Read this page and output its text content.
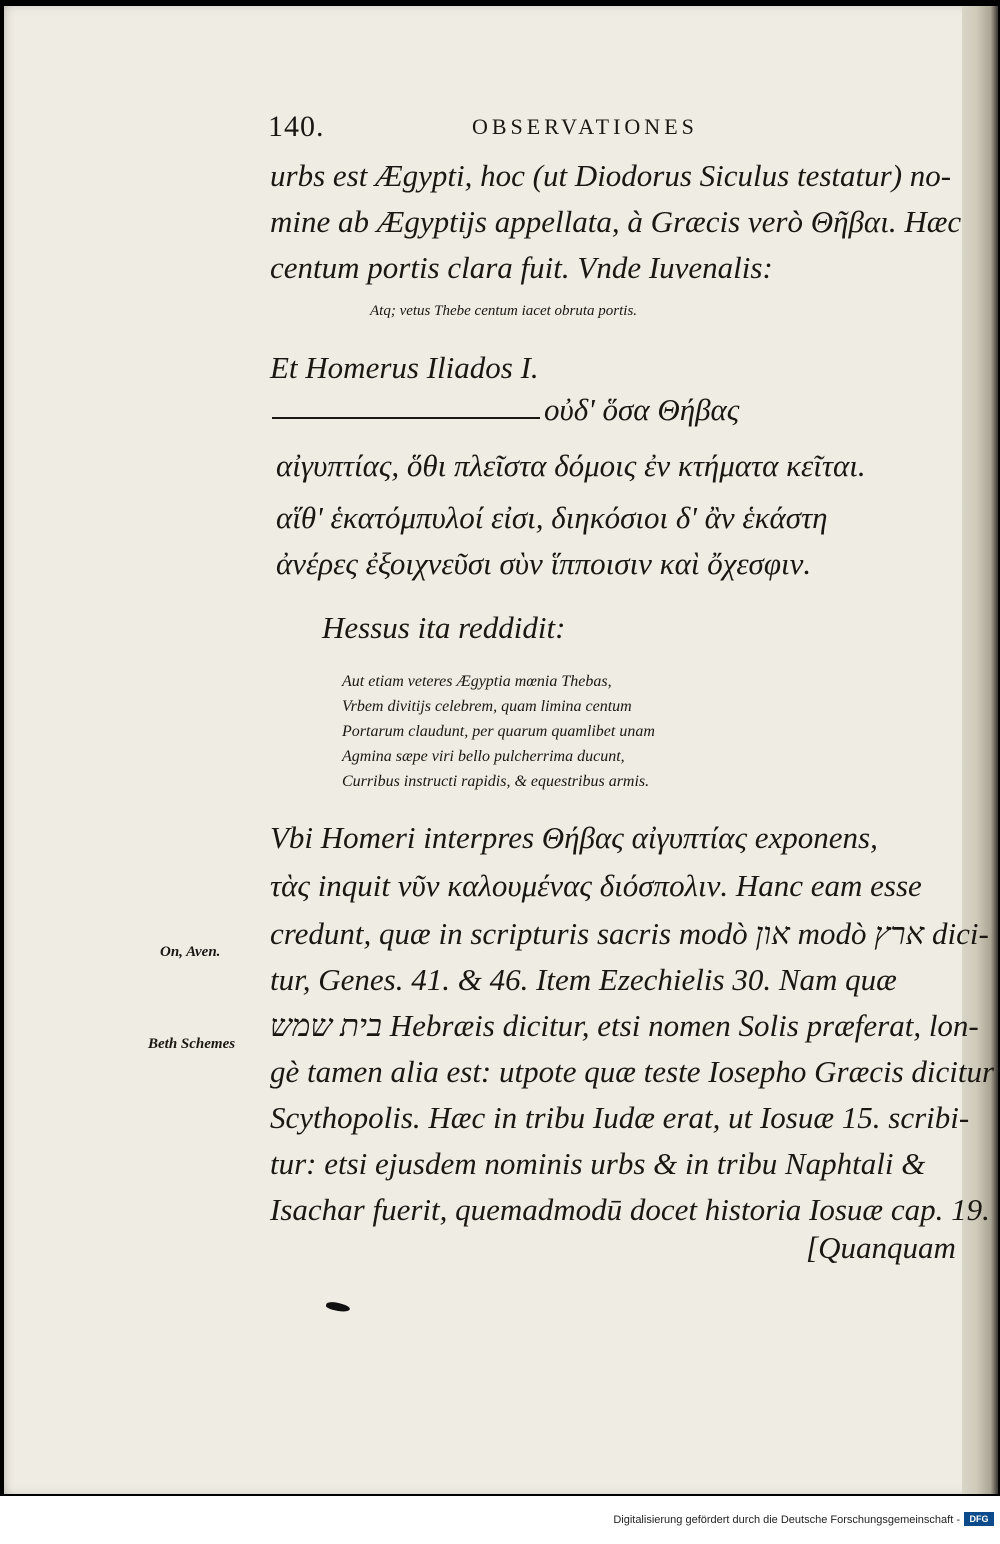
140.	OBSERVATIONES
urbs est Ægypti, hoc (ut Diodorus Siculus testatur) no-
mine ab Ægyptijs appellata, à Græcis verò Θῆβαι. Hæc
centum portis clara fuit. Vnde Iuvenalis:
Atq; vetus Thebe centum iacet obruta portis.
Et Homerus Iliados I.
οὐδ' ὅσα Θήβας
αἰγυπτίας, ὅθι πλεῖστα δόμοις ἐν κτήματα κεῖται.
αἵθ' ἑκατόμπυλοί εἰσι, διηκόσιοι δ' ἂν ἑκάστη
ἀνέρες ἐξοιχνεῦσι σὺν ἵπποισιν καὶ ὄχεσφιν.
Hessus ita reddidit:
Aut etiam veteres Ægyptia mœnia Thebas,
Vrbem divitijs celebrem, quam limina centum
Portarum claudunt, per quarum quamlibet unam
Agmina sæpe viri bello pulcherrima ducunt,
Curribus instructi rapidis, & equestribus armis.
Vbi Homeri interpres Θήβας αἰγυπτίας exponens,
τὰς inquit νῦν καλουμένας διόσπολιν. Hanc eam esse
credunt, quæ in scripturis sacris modò און modò ארץ dici-
tur, Genes. 41. & 46. Item Ezechielis 30. Nam quæ
בית שמש Hebræis dicitur, etsi nomen Solis præferat, lon-
gè tamen alia est: utpote quæ teste Iosepho Græcis dicitur
Scythopolis. Hæc in tribu Iudæ erat, ut Iosuæ 15. scribi-
tur: etsi ejusdem nominis urbs & in tribu Naphtali &
Isachar fuerit, quemadmodū docet historia Iosuæ cap. 19.
On, Aven.
Beth Schemes
[Quanquam
Digitalisierung gefördert durch die Deutsche Forschungsgemeinschaft -	DFG
